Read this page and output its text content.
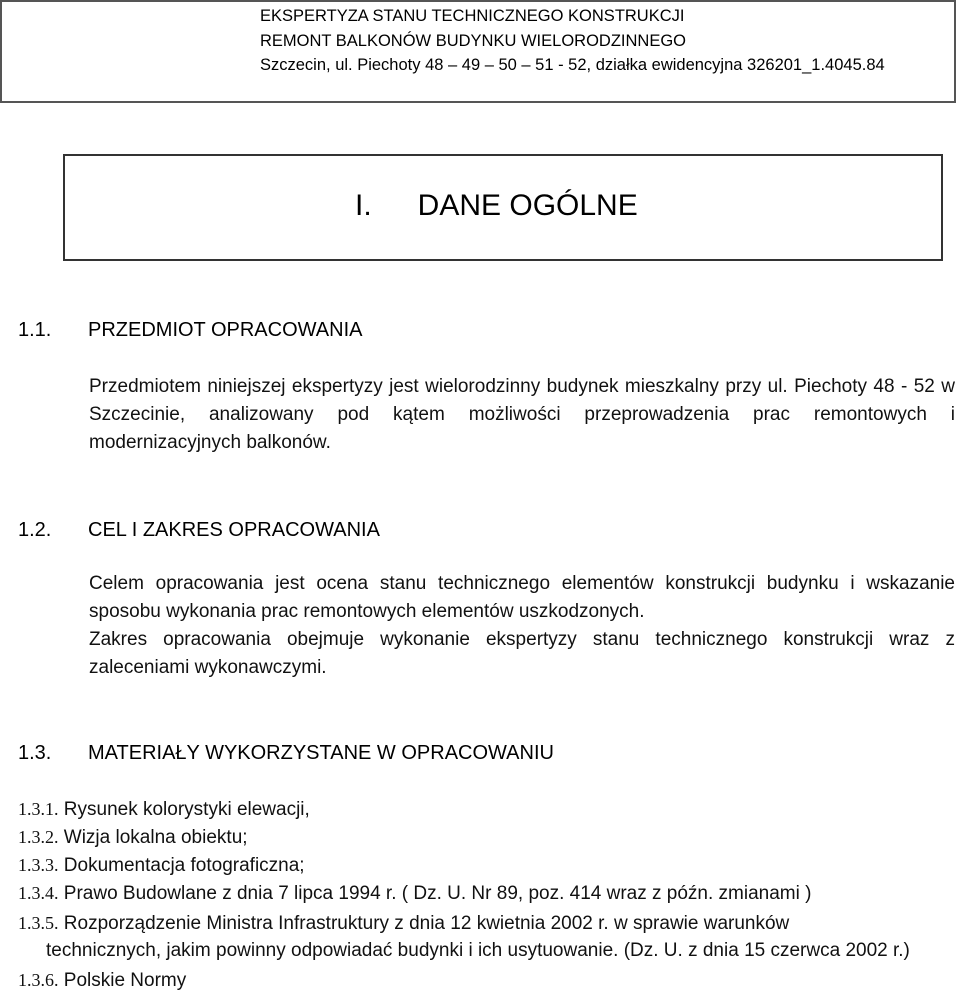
EKSPERTYZA STANU TECHNICZNEGO KONSTRUKCJI
REMONT BALKONÓW BUDYNKU WIELORODZINNEGO
Szczecin, ul. Piechoty 48 – 49 – 50 – 51 - 52, działka ewidencyjna 326201_1.4045.84
I. DANE OGÓLNE
1.1. PRZEDMIOT OPRACOWANIA
Przedmiotem niniejszej ekspertyzy jest wielorodzinny budynek mieszkalny przy ul. Piechoty 48 - 52 w Szczecinie, analizowany pod kątem możliwości przeprowadzenia prac remontowych i modernizacyjnych balkonów.
1.2. CEL I ZAKRES OPRACOWANIA
Celem opracowania jest ocena stanu technicznego elementów konstrukcji budynku i wskazanie sposobu wykonania prac remontowych elementów uszkodzonych.
Zakres opracowania obejmuje wykonanie ekspertyzy stanu technicznego konstrukcji wraz z zaleceniami wykonawczymi.
1.3. MATERIAŁY WYKORZYSTANE W OPRACOWANIU
1.3.1. Rysunek kolorystyki elewacji,
1.3.2. Wizja lokalna obiektu;
1.3.3. Dokumentacja fotograficzna;
1.3.4. Prawo Budowlane z dnia 7 lipca 1994 r. ( Dz. U. Nr 89, poz. 414 wraz z późn. zmianami )
1.3.5. Rozporządzenie Ministra Infrastruktury z dnia 12 kwietnia 2002 r. w sprawie warunków
technicznych, jakim powinny odpowiadać budynki i ich usytuowanie. (Dz. U. z dnia 15 czerwca 2002 r.)
1.3.6. Polskie Normy
